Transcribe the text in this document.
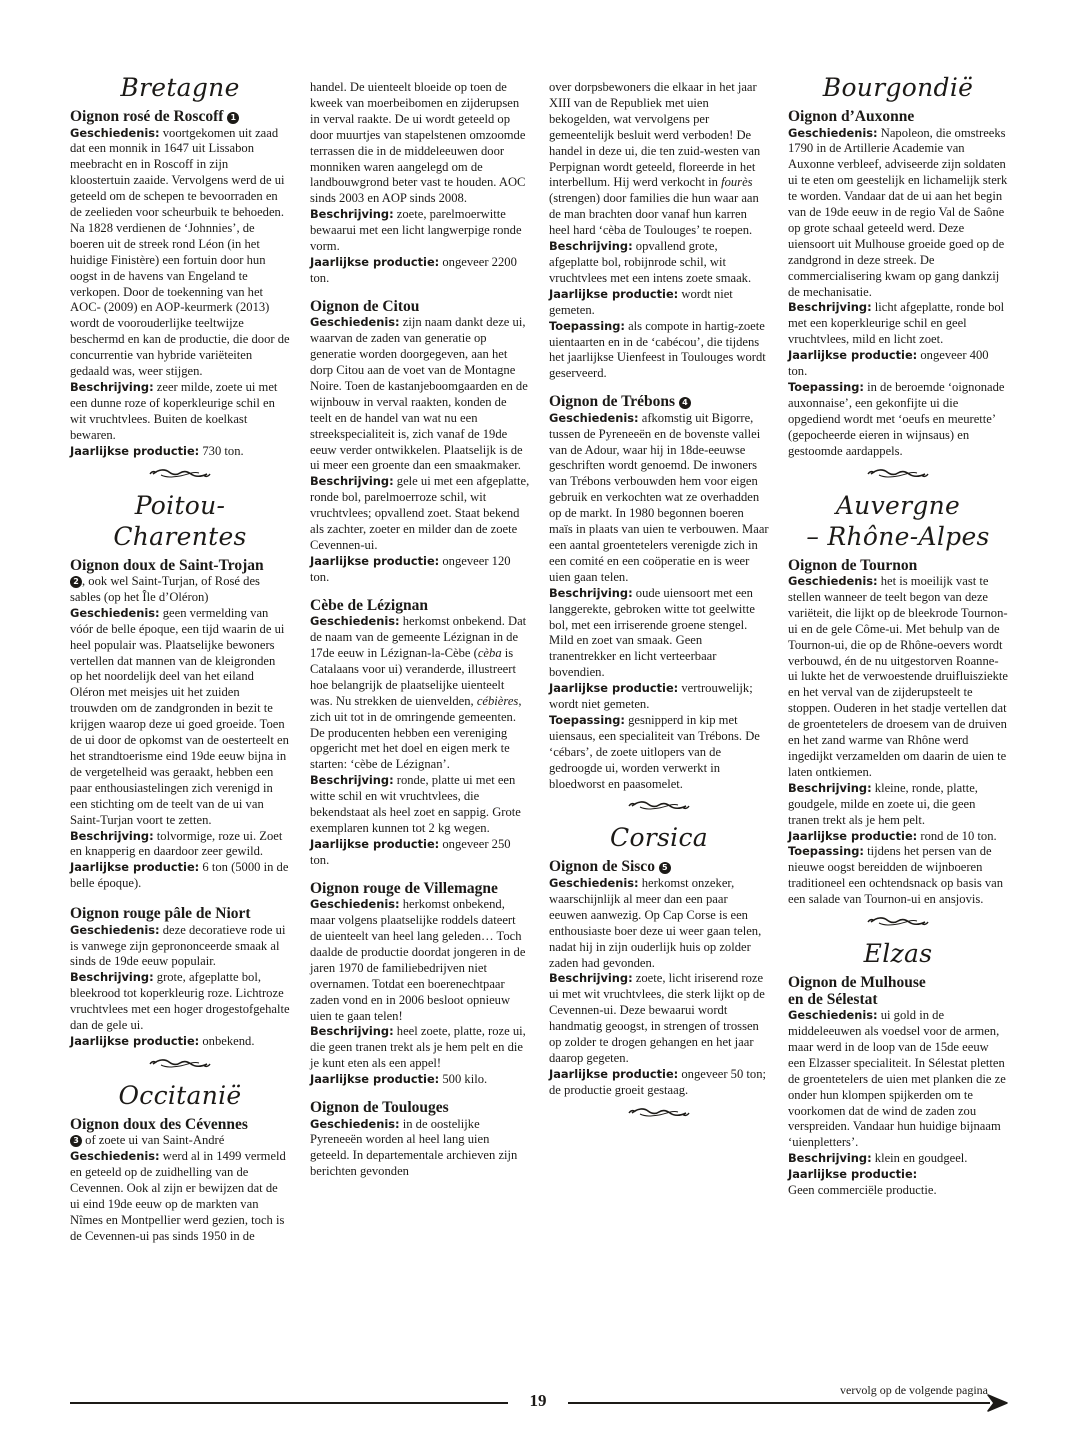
Bretagne
Oignon rosé de Roscoff 1

Geschiedenis: voortgekomen uit zaad dat een monnik in 1647 uit Lissabon meebracht en in Roscoff in zijn kloostertuin zaaide. Vervolgens werd de ui geteeld om de schepen te bevoorraden en de zeelieden voor scheurbuik te behoeden. Na 1828 verdienen de ‘Johnnies’, de boeren uit de streek rond Léon (in het huidige Finistère) een fortuin door hun oogst in de havens van Engeland te verkopen. Door de toekenning van het AOC- (2009) en AOP-keurmerk (2013) wordt de voorouderlijke teeltwijze beschermd en kan de productie, die door de concurrentie van hybride variëteiten gedaald was, weer stijgen.

Beschrijving: zeer milde, zoete ui met een dunne roze of koperkleurige schil en wit vruchtvlees. Buiten de koelkast bewaren.

Jaarlijkse productie: 730 ton.

Poitou-Charentes
Oignon doux de Saint-Trojan

2 , ook wel Saint-Turjan, of Rosé des sables (op het Île d’Oléron)

Geschiedenis: geen vermelding van vóór de belle époque, een tijd waarin de ui heel populair was. Plaatselijke bewoners vertellen dat mannen van de kleigronden op het noordelijk deel van het eiland Oléron met meisjes uit het zuiden trouwden om de zandgronden in bezit te krijgen waarop deze ui goed groeide. Toen de ui door de opkomst van de oesterteelt en het strandtoerisme eind 19de eeuw bijna in de vergetelheid was geraakt, hebben een paar enthousiastelingen zich verenigd in een stichting om de teelt van de ui van Saint-Turjan voort te zetten.

Beschrijving: tolvormige, roze ui. Zoet en knapperig en daardoor zeer gewild.

Jaarlijkse productie: 6 ton (5000 in de belle époque).

Oignon rouge pâle de Niort

Geschiedenis: deze decoratieve rode ui is vanwege zijn geprononceerde smaak al sinds de 19de eeuw populair.

Beschrijving: grote, afgeplatte bol, bleekrood tot koperkleurig roze. Lichtroze vruchtvlees met een hoger drogestofgehalte dan de gele ui.

Jaarlijkse productie: onbekend.

Occitanië
Oignon doux des Cévennes

3 of zoete ui van Saint-André

Geschiedenis: werd al in 1499 vermeld en geteeld op de zuidhelling van de Cevennen. Ook al zijn er bewijzen dat de ui eind 19de eeuw op de markten van Nîmes en Montpellier werd gezien, toch is de Cevennen-ui pas sinds 1950 in de

handel. De uienteelt bloeide op toen de kweek van moerbeibomen en zijderupsen in verval raakte. De ui wordt geteeld op door muurtjes van stapelstenen omzoomde terrassen die in de middeleeuwen door monniken waren aangelegd om de landbouwgrond beter vast te houden. AOC sinds 2003 en AOP sinds 2008.

Beschrijving: zoete, parelmoerwitte bewaarui met een licht langwerpige ronde vorm.

Jaarlijkse productie: ongeveer 2200 ton.

Oignon de Citou

Geschiedenis: zijn naam dankt deze ui, waarvan de zaden van generatie op generatie worden doorgegeven, aan het dorp Citou aan de voet van de Montagne Noire. Toen de kastanjeboomgaarden en de wijnbouw in verval raakten, konden de teelt en de handel van wat nu een streekspecialiteit is, zich vanaf de 19de eeuw verder ontwikkelen. Plaatselijk is de ui meer een groente dan een smaakmaker.

Beschrijving: gele ui met een afgeplatte, ronde bol, parelmoerroze schil, wit vruchtvlees; opvallend zoet. Staat bekend als zachter, zoeter en milder dan de zoete Cevennen-ui.

Jaarlijkse productie: ongeveer 120 ton.

Cèbe de Lézignan

Geschiedenis: herkomst onbekend. Dat de naam van de gemeente Lézignan in de 17de eeuw in Lézignan-la-Cèbe (cèba is Catalaans voor ui) veranderde, illustreert hoe belangrijk de plaatselijke uienteelt was. Nu strekken de uienvelden, cébières, zich uit tot in de omringende gemeenten. De producenten hebben een vereniging opgericht met het doel en eigen merk te starten: ‘cèbe de Lézignan’.

Beschrijving: ronde, platte ui met een witte schil en wit vruchtvlees, die bekendstaat als heel zoet en sappig. Grote exemplaren kunnen tot 2 kg wegen.

Jaarlijkse productie: ongeveer 250 ton.

Oignon rouge de Villemagne

Geschiedenis: herkomst onbekend, maar volgens plaatselijke roddels dateert de uienteelt van heel lang geleden… Toch daalde de productie doordat jongeren in de jaren 1970 de familiebedrijven niet overnamen. Totdat een boerenechtpaar zaden vond en in 2006 besloot opnieuw uien te gaan telen!

Beschrijving: heel zoete, platte, roze ui, die geen tranen trekt als je hem pelt en die je kunt eten als een appel!

Jaarlijkse productie: 500 kilo.

Oignon de Toulouges

Geschiedenis: in de oostelijke Pyreneeën worden al heel lang uien geteeld. In departementale archieven zijn berichten gevonden

over dorpsbewoners die elkaar in het jaar XIII van de Republiek met uien bekogelden, wat vervolgens per gemeentelijk besluit werd verboden! De handel in deze ui, die ten zuid-westen van Perpignan wordt geteeld, floreerde in het interbellum. Hij werd verkocht in fourès (strengen) door families die hun waar aan de man brachten door vanaf hun karren heel hard ‘cèba de Toulouges’ te roepen.

Beschrijving: opvallend grote, afgeplatte bol, robijnrode schil, wit vruchtvlees met een intens zoete smaak.

Jaarlijkse productie: wordt niet gemeten.

Toepassing: als compote in hartig-zoete uientaarten en in de ‘cabécou’, die tijdens het jaarlijkse Uienfeest in Toulouges wordt geserveerd.

Oignon de Trébons 4

Geschiedenis: afkomstig uit Bigorre, tussen de Pyreneeën en de bovenste vallei van de Adour, waar hij in 18de-eeuwse geschriften wordt genoemd. De inwoners van Trébons verbouwden hem voor eigen gebruik en verkochten wat ze overhadden op de markt. In 1980 begonnen boeren maïs in plaats van uien te verbouwen. Maar een aantal groentetelers verenigde zich in een comité en een coöperatie en is weer uien gaan telen.

Beschrijving: oude uiensoort met een langgerekte, gebroken witte tot geelwitte bol, met een irriserende groene stengel. Mild en zoet van smaak. Geen tranentrekker en licht verteerbaar bovendien.

Jaarlijkse productie: vertrouwelijk; wordt niet gemeten.

Toepassing: gesnipperd in kip met uiensaus, een specialiteit van Trébons. De ‘cébars’, de zoete uitlopers van de gedroogde ui, worden verwerkt in bloedworst en paasomelet.

Corsica
Oignon de Sisco 5

Geschiedenis: herkomst onzeker, waarschijnlijk al meer dan een paar eeuwen aanwezig. Op Cap Corse is een enthousiaste boer deze ui weer gaan telen, nadat hij in zijn ouderlijk huis op zolder zaden had gevonden.

Beschrijving: zoete, licht iriserend roze ui met wit vruchtvlees, die sterk lijkt op de Cevennen-ui. Deze bewaarui wordt handmatig geoogst, in strengen of trossen op zolder te drogen gehangen en het jaar daarop gegeten.

Jaarlijkse productie: ongeveer 50 ton; de productie groeit gestaag.

Bourgondië
Oignon d’Auxonne

Geschiedenis: Napoleon, die omstreeks 1790 in de Artillerie Academie van Auxonne verbleef, adviseerde zijn soldaten ui te eten om geestelijk en lichamelijk sterk te worden. Vandaar dat de ui aan het begin van de 19de eeuw in de regio Val de Saône op grote schaal geteeld werd. Deze uiensoort uit Mulhouse groeide goed op de zandgrond in deze streek. De commercialisering kwam op gang dankzij de mechanisatie.

Beschrijving: licht afgeplatte, ronde bol met een koperkleurige schil en geel vruchtvlees, mild en licht zoet.

Jaarlijkse productie: ongeveer 400 ton.

Toepassing: in de beroemde ‘oignonade auxonnaise’, een gekonfijte ui die opgediend wordt met ‘oeufs en meurette’ (gepocheerde eieren in wijnsaus) en gestoomde aardappels.

Auvergne
– Rhône-Alpes
Oignon de Tournon

Geschiedenis: het is moeilijk vast te stellen wanneer de teelt begon van deze variëteit, die lijkt op de bleekrode Tournon-ui en de gele Côme-ui. Met behulp van de Tournon-ui, die op de Rhône-oevers wordt verbouwd, én de nu uitgestorven Roanne-ui lukte het de verwoestende druifluisziekte en het verval van de zijderupsteelt te stoppen. Ouderen in het stadje vertellen dat de groentetelers de droesem van de druiven en het zand warme van Rhône werd ingedijkt verzamelden om daarin de uien te laten ontkiemen.

Beschrijving: kleine, ronde, platte, goudgele, milde en zoete ui, die geen tranen trekt als je hem pelt.

Jaarlijkse productie: rond de 10 ton.

Toepassing: tijdens het persen van de nieuwe oogst bereidden de wijnboeren traditioneel een ochtendsnack op basis van een salade van Tournon-ui en ansjovis.

Elzas
Oignon de Mulhouse
en de Sélestat

Geschiedenis: ui gold in de middeleeuwen als voedsel voor de armen, maar werd in de loop van de 15de eeuw een Elzasser specialiteit. In Sélestat pletten de groentetelers de uien met planken die ze onder hun klompen spijkerden om te voorkomen dat de wind de zaden zou verspreiden. Vandaar hun huidige bijnaam ‘uienpletters’.

Beschrijving: klein en goudgeel.

Jaarlijkse productie:

Geen commerciële productie.

19
vervolg op de volgende pagina
